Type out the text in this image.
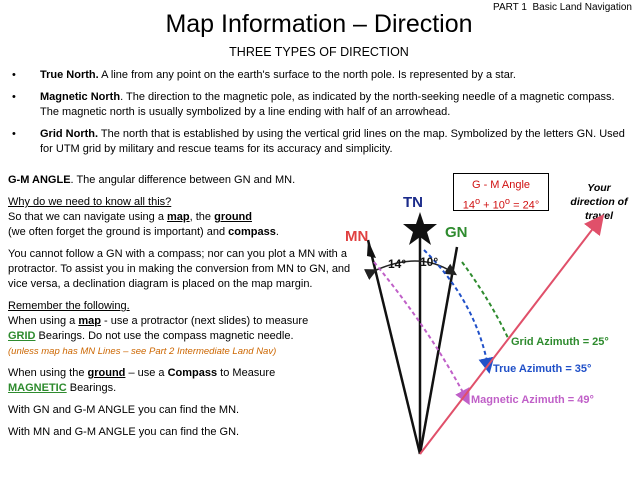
PART 1 Basic Land Navigation
Map Information – Direction
THREE TYPES OF DIRECTION
• True North. A line from any point on the earth's surface to the north pole. Is represented by a star.
• Magnetic North. The direction to the magnetic pole, as indicated by the north-seeking needle of a magnetic compass. The magnetic north is usually symbolized by a line ending with half of an arrowhead.
• Grid North. The north that is established by using the vertical grid lines on the map. Symbolized by the letters GN. Used for UTM grid by military and rescue teams for its accuracy and simplicity.

G-M ANGLE. The angular difference between GN and MN.

Why do we need to know all this?
So that we can navigate using a map, the ground
(we often forget the ground is important) and compass.

You cannot follow a GN with a compass; nor can you plot a MN with a protractor. To assist you in making the conversion from MN to GN, and vice versa, a declination diagram is placed on the map margin.

Remember the following.
When using a map - use a protractor (next slides) to measure
GRID Bearings. Do not use the compass magnetic needle.
(unless map has MN Lines – see Part 2 Intermediate Land Nav)

When using the ground – use a Compass to Measure
MAGNETIC Bearings.

With GN and G-M ANGLE you can find the MN.

With MN and G-M ANGLE you can find the GN.

G - M Angle
$14^o + 10^o = 24^\circ$
Your direction of travel
TN
MN	GN
14° 10°
Grid Azimuth = 25°
True Azimuth = 35°
Magnetic Azimuth = 49°
